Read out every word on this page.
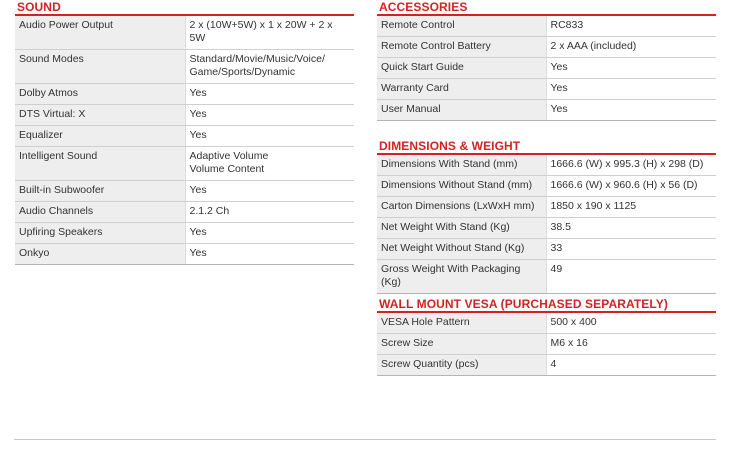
SOUND
Audio Power Output	2 x (10W+5W) x 1 x 20W + 2 x 5W
Sound Modes	Standard/Movie/Music/Voice/
Game/Sports/Dynamic

Dolby Atmos	Yes
DTS Virtual: X	Yes
Equalizer	Yes
Intelligent Sound	Adaptive Volume
Volume Content

Built-in Subwoofer	Yes
Audio Channels	2.1.2 Ch
Upfiring Speakers	Yes
Onkyo	Yes
ACCESSORIES
Remote Control	RC833
Remote Control Battery	2 x AAA (included)
Quick Start Guide	Yes
Warranty Card	Yes
User Manual	Yes
DIMENSIONS & WEIGHT
Dimensions With Stand (mm)	1666.6 (W) x 995.3 (H) x 298 (D)
Dimensions Without Stand (mm)	1666.6 (W) x 960.6 (H) x 56 (D)
Carton Dimensions (LxWxH mm)	1850 x 190 x 1125
Net Weight With Stand (Kg)	38.5
Net Weight Without Stand (Kg)	33
Gross Weight With Packaging (Kg)	49
WALL MOUNT VESA (PURCHASED SEPARATELY)
VESA Hole Pattern	500 x 400
Screw Size	M6 x 16
Screw Quantity (pcs)	4
